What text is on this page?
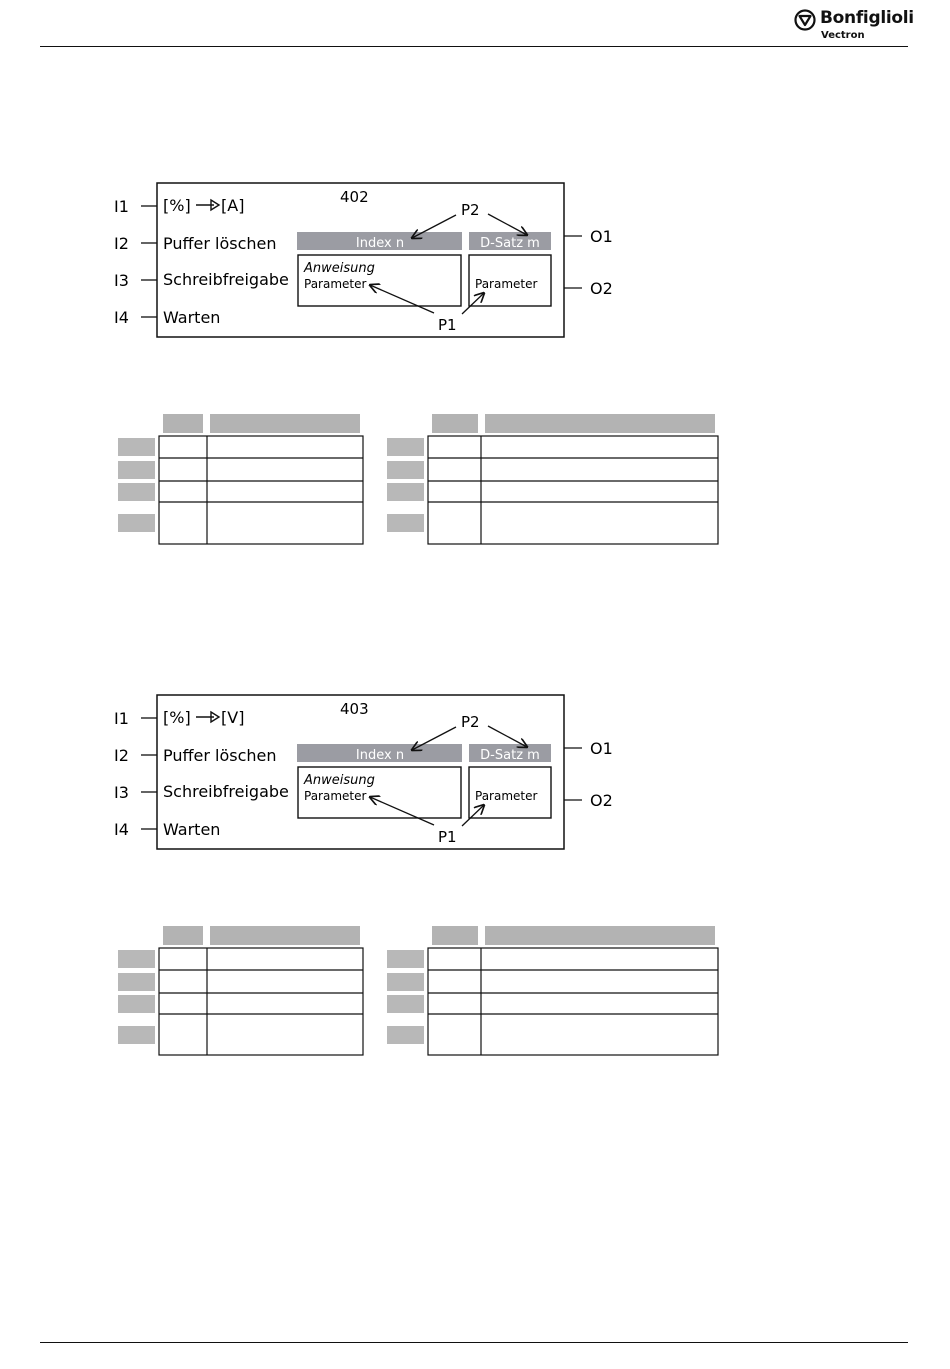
Bonfiglioli
Vectron
I1
I2
I3
I4
O1
O2
[%] [A]
Puffer löschen
Schreibfreigabe
Warten
402
Index n	D-Satz m
Anweisung
Parameter	Parameter
P2
P1
I1
I2
I3
I4
O1
O2
[%] [V]
Puffer löschen
Schreibfreigabe
Warten
403
Index n	D-Satz m
Anweisung
Parameter	Parameter
P2
P1
